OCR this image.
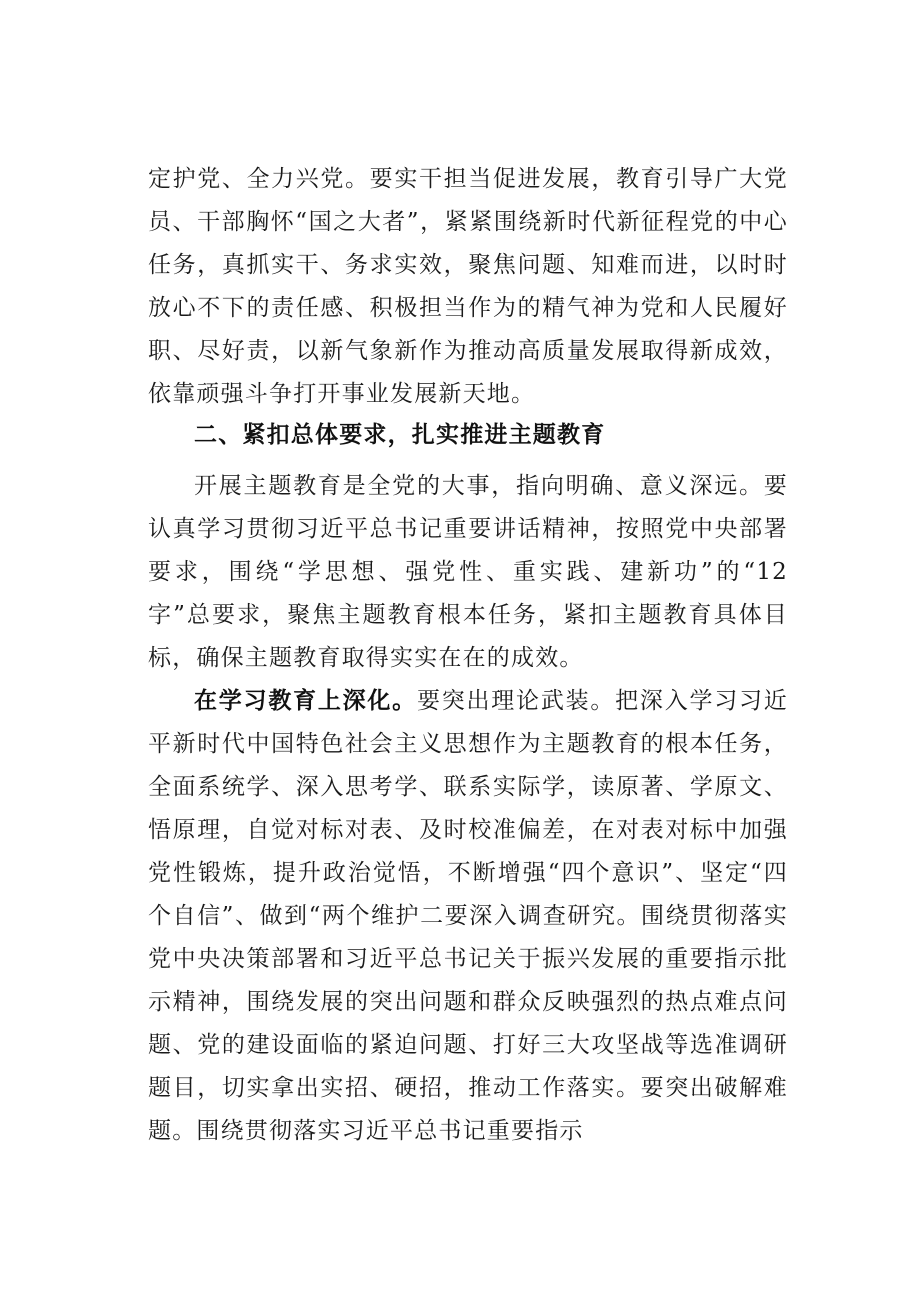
定护党、全力兴党。要实干担当促进发展，教育引导广大党员、干部胸怀“国之大者”，紧紧围绕新时代新征程党的中心任务，真抓实干、务求实效，聚焦问题、知难而进，以时时放心不下的责任感、积极担当作为的精气神为党和人民履好职、尽好责，以新气象新作为推动高质量发展取得新成效，依靠顽强斗争打开事业发展新天地。

二、紧扣总体要求，扎实推进主题教育

开展主题教育是全党的大事，指向明确、意义深远。要认真学习贯彻习近平总书记重要讲话精神，按照党中央部署要求，围绕“学思想、强党性、重实践、建新功”的“12字”总要求，聚焦主题教育根本任务，紧扣主题教育具体目标，确保主题教育取得实实在在的成效。

在学习教育上深化。要突出理论武装。把深入学习习近平新时代中国特色社会主义思想作为主题教育的根本任务，全面系统学、深入思考学、联系实际学，读原著、学原文、悟原理，自觉对标对表、及时校准偏差，在对表对标中加强党性锻炼，提升政治觉悟，不断增强“四个意识”、坚定“四个自信”、做到“两个维护二要深入调查研究。围绕贯彻落实党中央决策部署和习近平总书记关于振兴发展的重要指示批示精神，围绕发展的突出问题和群众反映强烈的热点难点问题、党的建设面临的紧迫问题、打好三大攻坚战等选准调研题目，切实拿出实招、硬招，推动工作落实。要突出破解难题。围绕贯彻落实习近平总书记重要指示
